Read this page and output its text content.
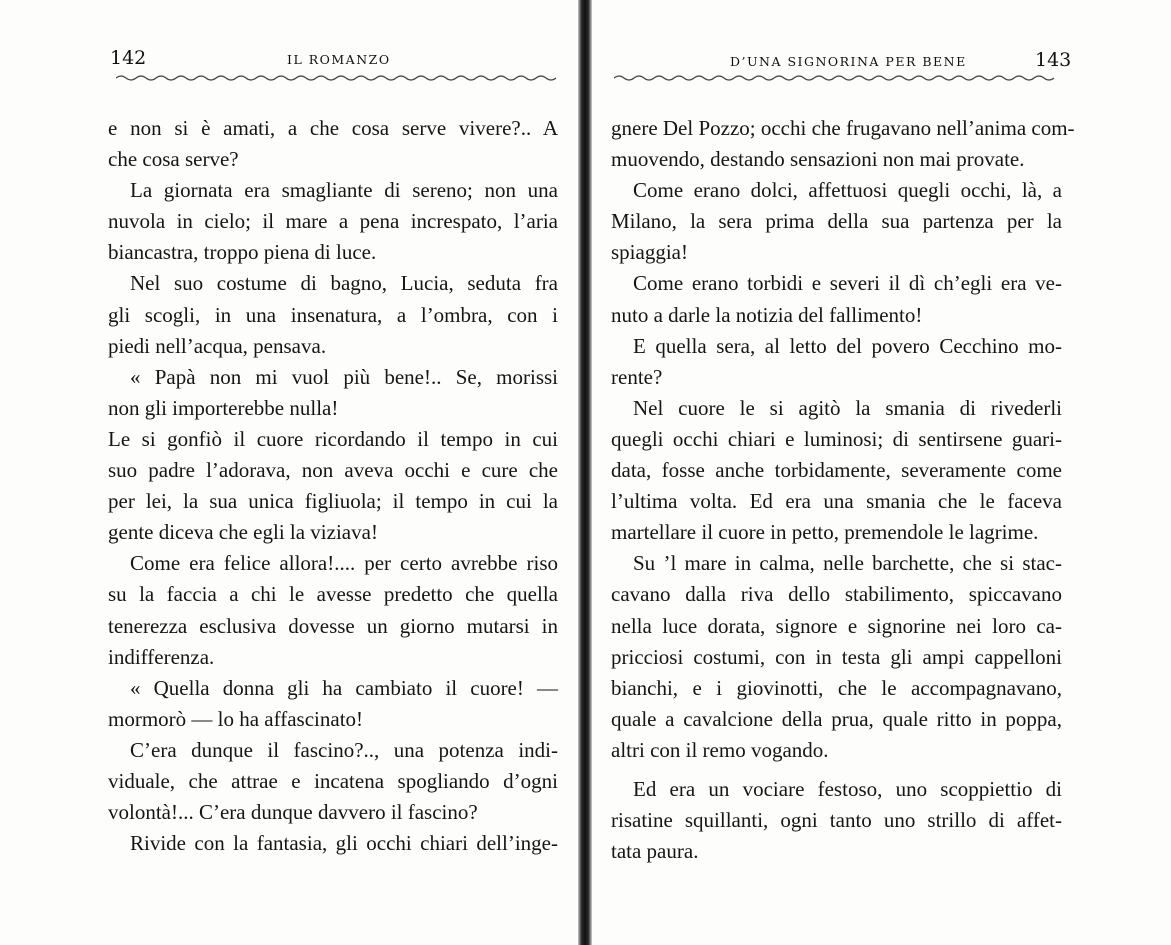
142	IL ROMANZO
e non si è amati, a che cosa serve vivere?.. A
che cosa serve?
La giornata era smagliante di sereno; non una
nuvola in cielo; il mare a pena increspato, l’aria
biancastra, troppo piena di luce.
Nel suo costume di bagno, Lucia, seduta fra
gli scogli, in una insenatura, a l’ombra, con i
piedi nell’acqua, pensava.
« Papà non mi vuol più bene!.. Se, morissi
non gli importerebbe nulla!
Le si gonfiò il cuore ricordando il tempo in cui
suo padre l’adorava, non aveva occhi e cure che
per lei, la sua unica figliuola; il tempo in cui la
gente diceva che egli la viziava!
Come era felice allora!.... per certo avrebbe riso
su la faccia a chi le avesse predetto che quella
tenerezza esclusiva dovesse un giorno mutarsi in
indifferenza.
« Quella donna gli ha cambiato il cuore! —
mormorò — lo ha affascinato!
C’era dunque il fascino?.., una potenza indi-
viduale, che attrae e incatena spogliando d’ogni
volontà!... C’era dunque davvero il fascino?
Rivide con la fantasia, gli occhi chiari dell’inge-
D’UNA SIGNORINA PER BENE	143
gnere Del Pozzo; occhi che frugavano nell’anima com-
muovendo, destando sensazioni non mai provate.
Come erano dolci, affettuosi quegli occhi, là, a
Milano, la sera prima della sua partenza per la
spiaggia!
Come erano torbidi e severi il dì ch’egli era ve-
nuto a darle la notizia del fallimento!
E quella sera, al letto del povero Cecchino mo-
rente?
Nel cuore le si agitò la smania di rivederli
quegli occhi chiari e luminosi; di sentirsene guari-
data, fosse anche torbidamente, severamente come
l’ultima volta. Ed era una smania che le faceva
martellare il cuore in petto, premendole le lagrime.
Su ’l mare in calma, nelle barchette, che si stac-
cavano dalla riva dello stabilimento, spiccavano
nella luce dorata, signore e signorine nei loro ca-
pricciosi costumi, con in testa gli ampi cappelloni
bianchi, e i giovinotti, che le accompagnavano,
quale a cavalcione della prua, quale ritto in poppa,
altri con il remo vogando.
Ed era un vociare festoso, uno scoppiettio di
risatine squillanti, ogni tanto uno strillo di affet-
tata paura.
